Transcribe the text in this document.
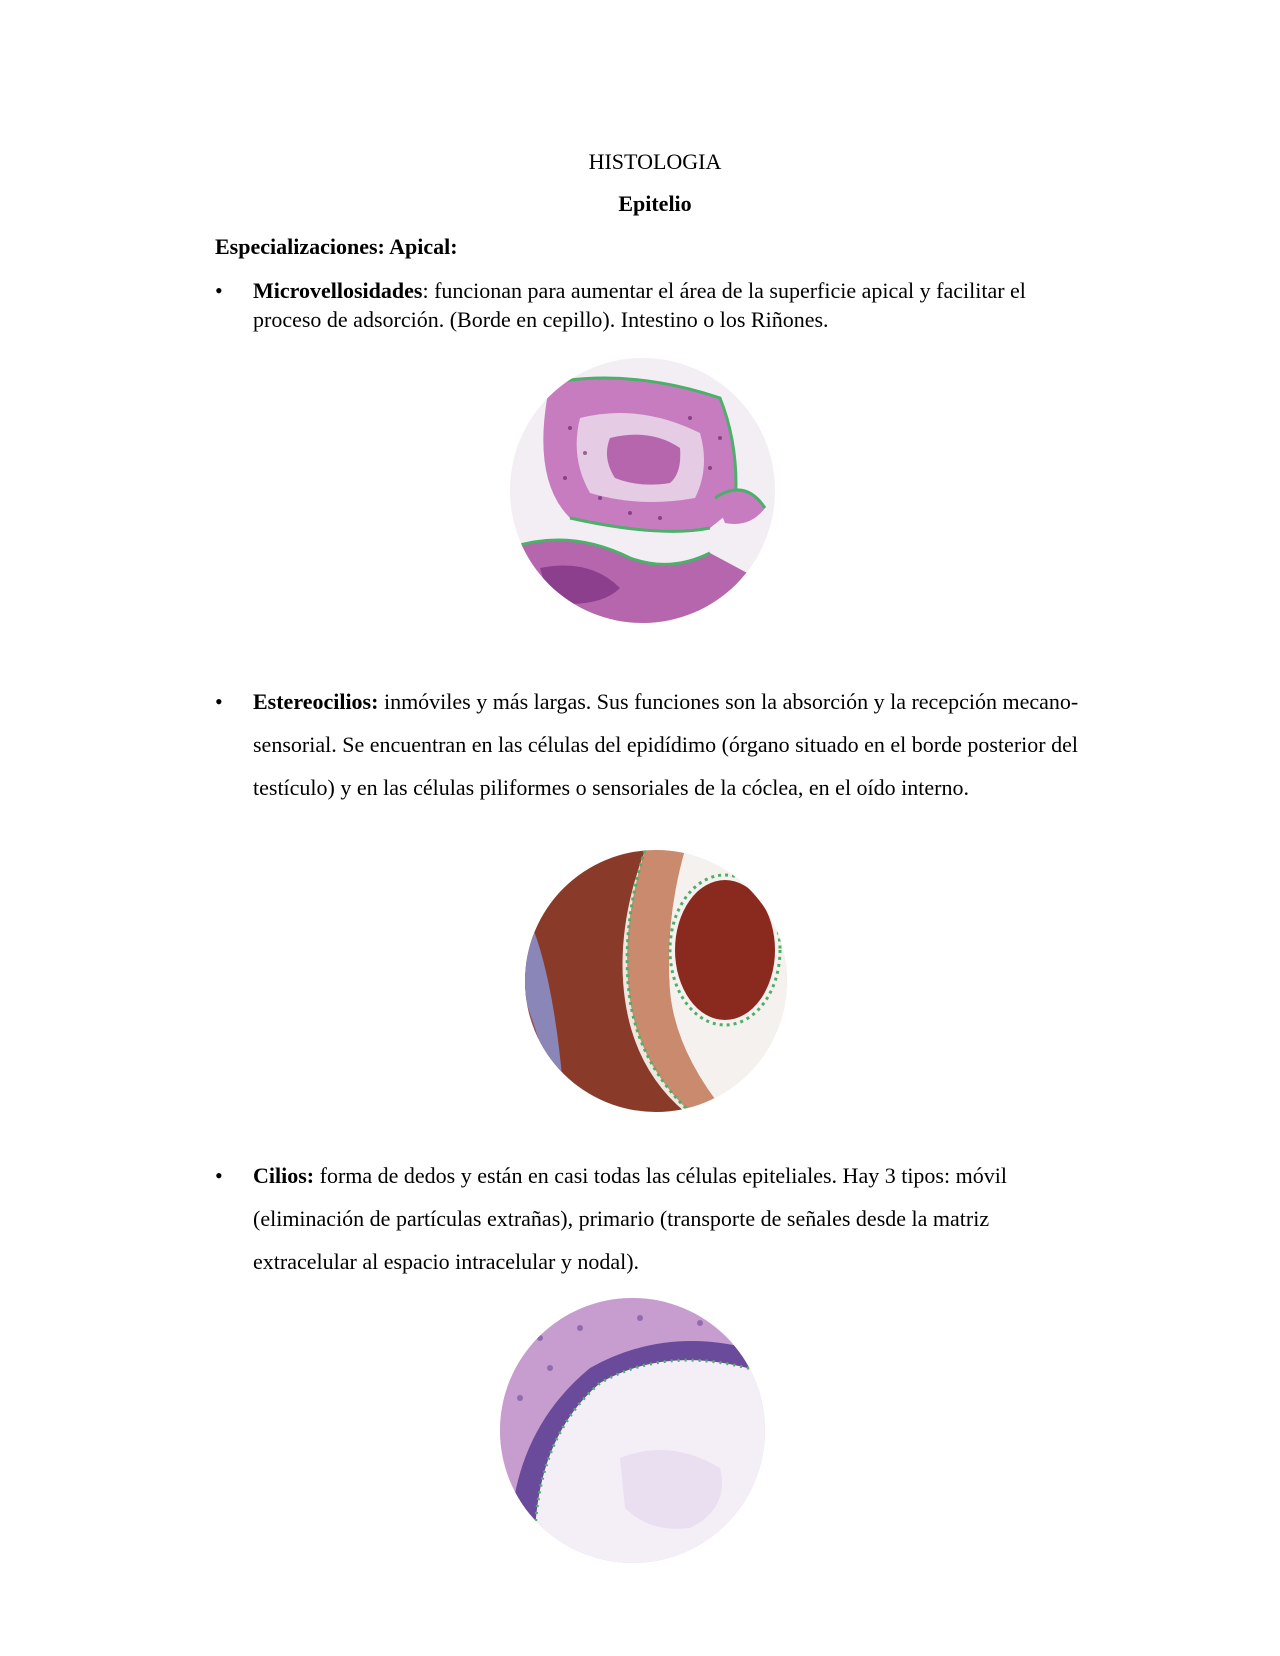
HISTOLOGIA
Epitelio
Especializaciones: Apical:
• Microvellosidades: funcionan para aumentar el área de la superficie apical y facilitar el proceso de adsorción. (Borde en cepillo). Intestino o los Riñones.
• Estereocilios: inmóviles y más largas. Sus funciones son la absorción y la recepción mecano-sensorial. Se encuentran en las células del epidídimo (órgano situado en el borde posterior del testículo) y en las células piliformes o sensoriales de la cóclea, en el oído interno.
• Cilios: forma de dedos y están en casi todas las células epiteliales. Hay 3 tipos: móvil (eliminación de partículas extrañas), primario (transporte de señales desde la matriz extracelular al espacio intracelular y nodal).
